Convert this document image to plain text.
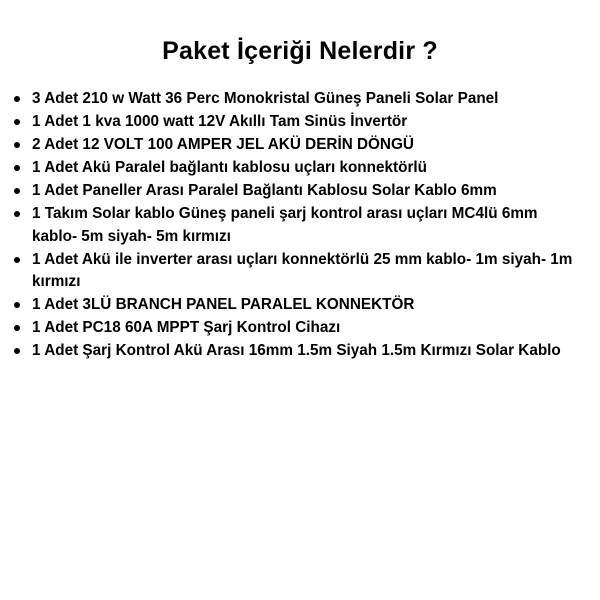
Paket İçeriği Nelerdir ?
3 Adet 210 w Watt 36 Perc Monokristal Güneş Paneli Solar Panel
1 Adet 1 kva 1000 watt 12V Akıllı Tam Sinüs İnvertör
2 Adet 12 VOLT 100 AMPER JEL AKÜ DERİN DÖNGÜ
1 Adet Akü Paralel bağlantı kablosu uçları konnektörlü
1 Adet Paneller Arası Paralel Bağlantı Kablosu Solar Kablo 6mm
1 Takım Solar kablo Güneş paneli şarj kontrol arası uçları MC4lü 6mm kablo- 5m siyah- 5m kırmızı
1 Adet Akü ile inverter arası uçları konnektörlü 25 mm kablo- 1m siyah- 1m kırmızı
1 Adet 3LÜ BRANCH PANEL PARALEL KONNEKTÖR
1 Adet PC18 60A MPPT Şarj Kontrol Cihazı
1 Adet Şarj Kontrol Akü Arası 16mm 1.5m Siyah 1.5m Kırmızı Solar Kablo
